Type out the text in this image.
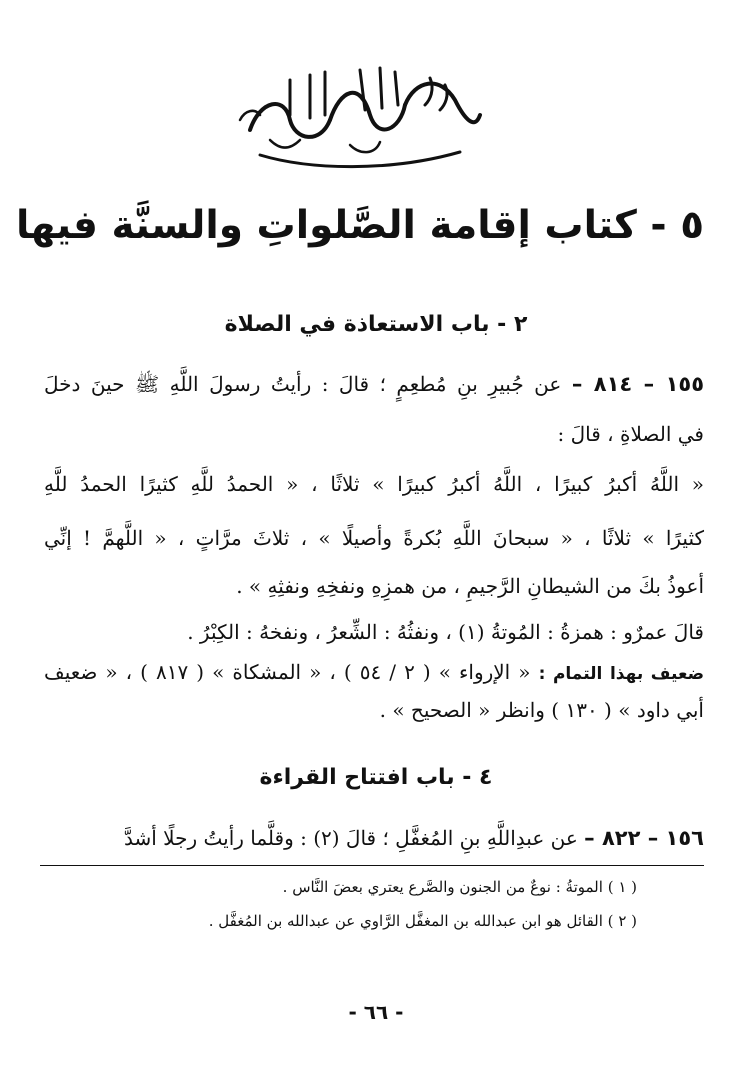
٥ - كتاب إقامة الصَّلواتِ والسنَّة فيها
٢ - باب الاستعاذة في الصلاة
١٥٥ – ٨١٤ – عن جُبيرِ بنِ مُطعِمٍ ؛ قالَ : رأيتُ رسولَ اللَّهِ ﷺ حينَ دخلَ
في الصلاةِ ، قالَ :
« اللَّهُ أكبرُ كبيرًا ، اللَّهُ أكبرُ كبيرًا » ثلاثًا ، « الحمدُ للَّهِ كثيرًا الحمدُ للَّهِ
كثيرًا » ثلاثًا ، « سبحانَ اللَّهِ بُكرةً وأصيلًا » ، ثلاثَ مرَّاتٍ ، « اللَّهمَّ ! إنِّي
أعوذُ بكَ من الشيطانِ الرَّجيمِ ، من همزِهِ ونفخِهِ ونفثِهِ » .
قالَ عمرٌو : همزةُ : المُوتةُ (١) ، ونفثُهُ : الشِّعرُ ، ونفخهُ : الكِبْرُ .
ضعيف بهذا التمام : « الإرواء » ( ٢ / ٥٤ ) ، « المشكاة » ( ٨١٧ ) ، « ضعيف
أبي داود » ( ١٣٠ ) وانظر « الصحيح » .
٤ - باب افتتاح القراءة
١٥٦ – ٨٢٢ – عن عبدِاللَّهِ بنِ المُغفَّلِ ؛ قالَ (٢) : وقلَّما رأيتُ رجلًا أشدَّ
( ١ ) الموتةُ : نوعٌ من الجنون والصَّرع يعتري بعضَ النَّاس .
( ٢ ) القائل هو ابن عبدالله بن المغفَّل الرَّاوي عن عبدالله بن المُغفَّل .
- ٦٦ -
